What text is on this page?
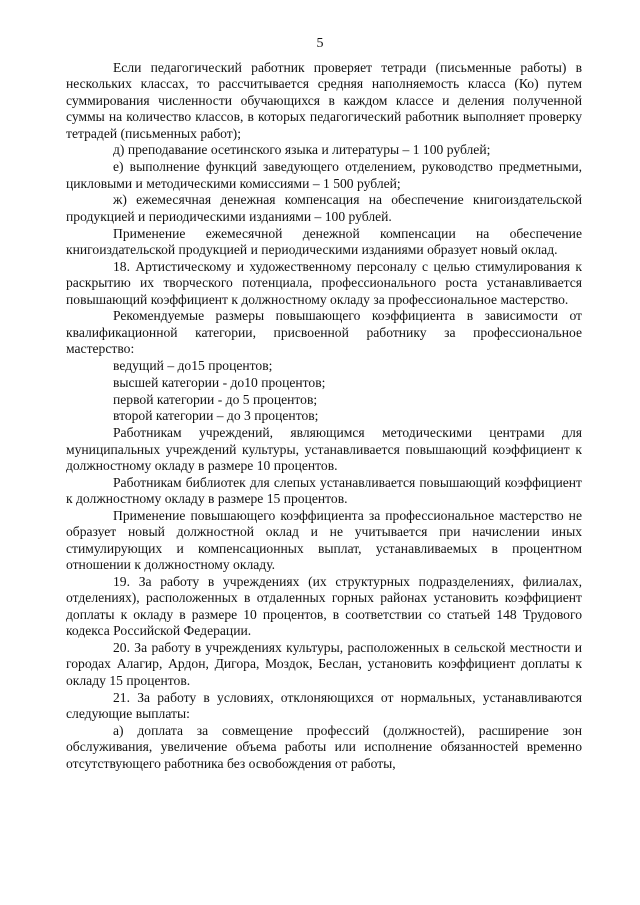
5

Если педагогический работник проверяет тетради (письменные работы) в нескольких классах, то рассчитывается средняя наполняемость класса (Ко) путем суммирования численности обучающихся в каждом классе и деления полученной суммы на количество классов, в которых педагогический работник выполняет проверку тетрадей (письменных работ);

д) преподавание осетинского языка и литературы – 1 100 рублей;

е) выполнение функций заведующего отделением, руководство предметными, цикловыми и методическими комиссиями – 1 500 рублей;

ж) ежемесячная денежная компенсация на обеспечение книгоиздательской продукцией и периодическими изданиями – 100 рублей.

Применение ежемесячной денежной компенсации на обеспечение книгоиздательской продукцией и периодическими изданиями образует новый оклад.

18. Артистическому и художественному персоналу с целью стимулирования к раскрытию их творческого потенциала, профессионального роста устанавливается повышающий коэффициент к должностному окладу за профессиональное мастерство.

Рекомендуемые размеры повышающего коэффициента в зависимости от квалификационной категории, присвоенной работнику за профессиональное мастерство:

ведущий – до15 процентов;

высшей категории - до10 процентов;

первой категории - до 5 процентов;

второй категории – до 3 процентов;

Работникам учреждений, являющимся методическими центрами для муниципальных учреждений культуры, устанавливается повышающий коэффициент к должностному окладу в размере 10 процентов.

Работникам библиотек для слепых устанавливается повышающий коэффициент к должностному окладу в размере 15 процентов.

Применение повышающего коэффициента за профессиональное мастерство не образует новый должностной оклад и не учитывается при начислении иных стимулирующих и компенсационных выплат, устанавливаемых в процентном отношении к должностному окладу.

19. За работу в учреждениях (их структурных подразделениях, филиалах, отделениях), расположенных в отдаленных горных районах установить коэффициент доплаты к окладу в размере 10 процентов, в соответствии со статьей 148 Трудового кодекса Российской Федерации.

20. За работу в учреждениях культуры, расположенных в сельской местности и городах Алагир, Ардон, Дигора, Моздок, Беслан, установить коэффициент доплаты к окладу 15 процентов.

21. За работу в условиях, отклоняющихся от нормальных, устанавливаются следующие выплаты:

а) доплата за совмещение профессий (должностей), расширение зон обслуживания, увеличение объема работы или исполнение обязанностей временно отсутствующего работника без освобождения от работы,
